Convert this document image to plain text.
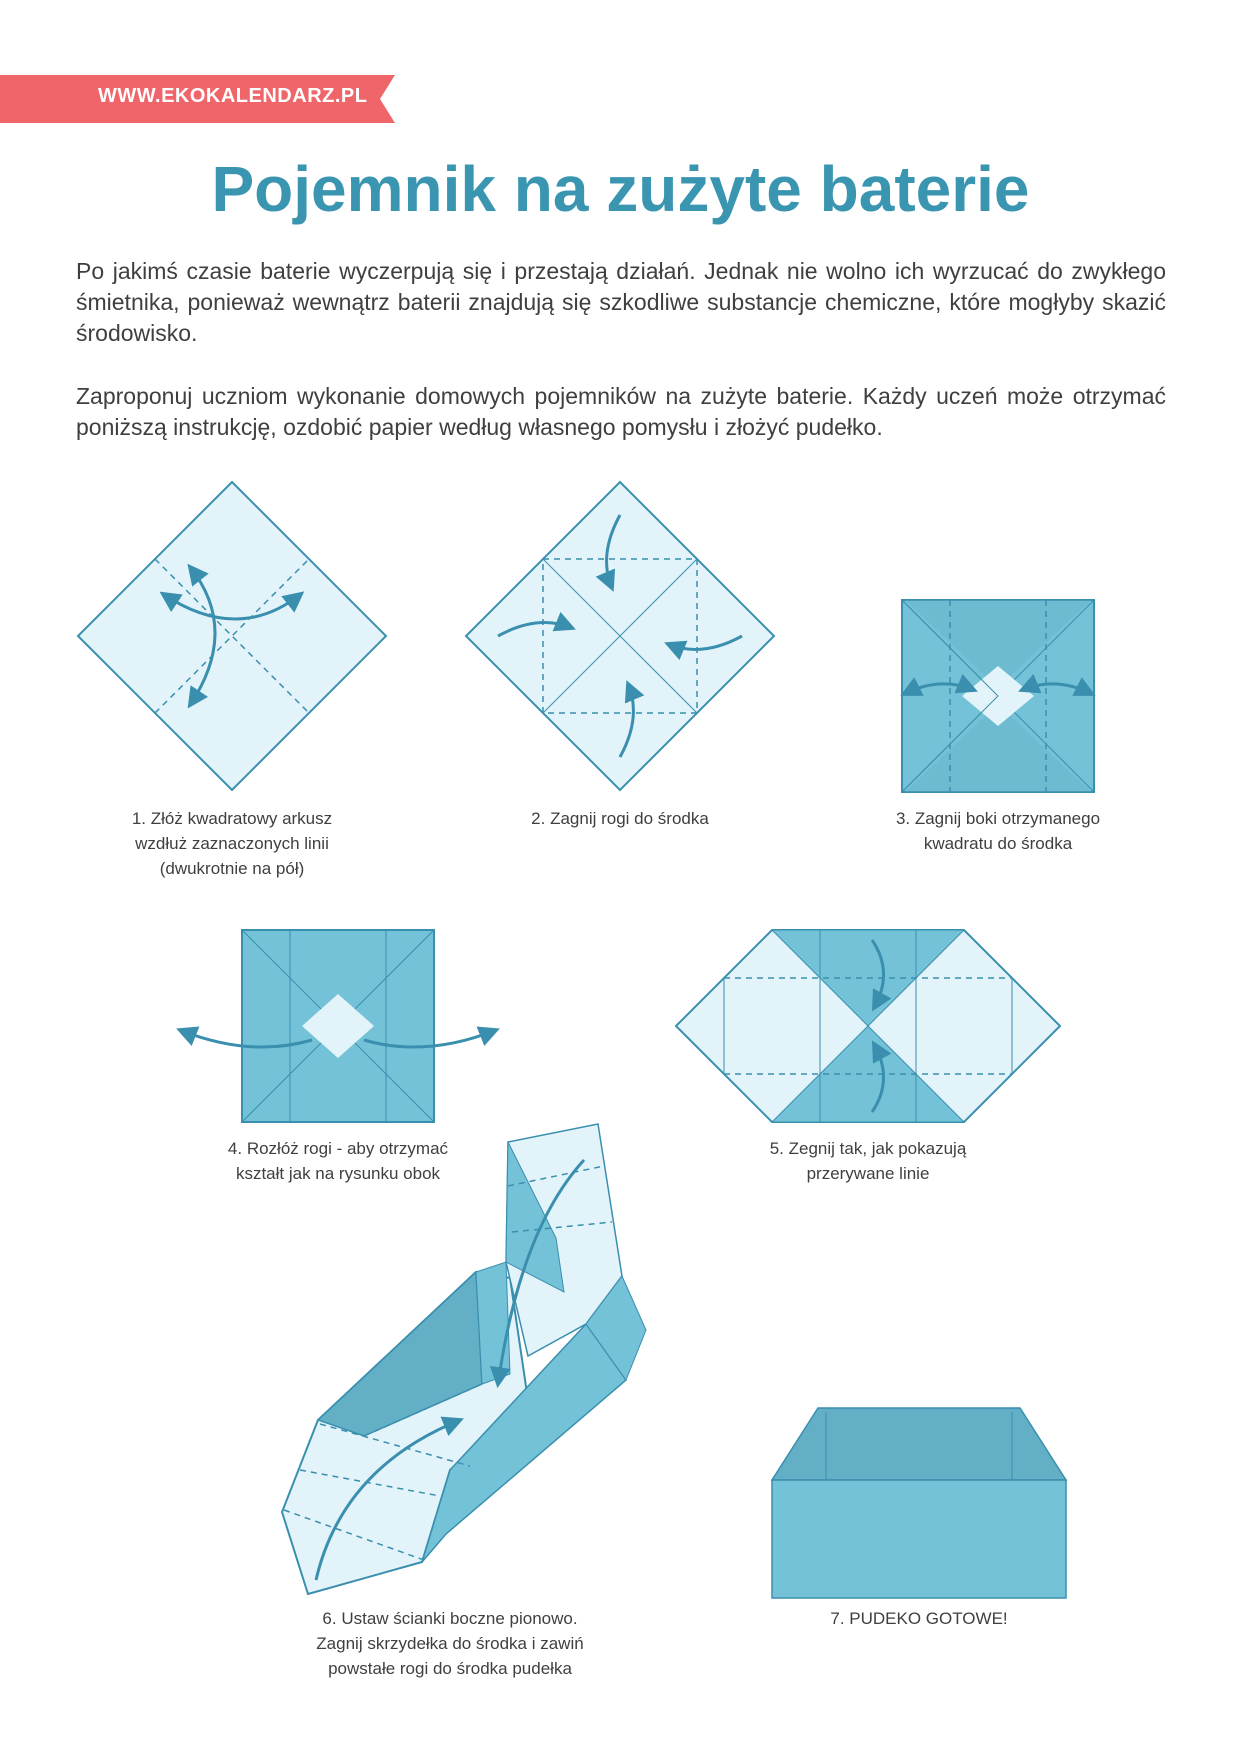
WWW.EKOKALENDARZ.PL
Pojemnik na zużyte baterie

Po jakimś czasie baterie wyczerpują się i przestają działań. Jednak nie wolno ich wyrzucać do zwykłego śmietnika, ponieważ wewnątrz baterii znajdują się szkodliwe substancje chemiczne, które mogłyby skazić środowisko.

Zaproponuj uczniom wykonanie domowych pojemników na zużyte baterie. Każdy uczeń może otrzymać poniższą instrukcję, ozdobić papier według własnego pomysłu i złożyć pudełko.

1. Złóż kwadratowy arkusz
wzdłuż zaznaczonych linii
(dwukrotnie na pół)
2. Zagnij rogi do środka	3. Zagnij boki otrzymanego
kwadratu do środka
4. Rozłóż rogi - aby otrzymać
kształt jak na rysunku obok
5. Zegnij tak, jak pokazują
przerywane linie
6. Ustaw ścianki boczne pionowo.
Zagnij skrzydełka do środka i zawiń
powstałe rogi do środka pudełka
7. PUDEKO GOTOWE!
